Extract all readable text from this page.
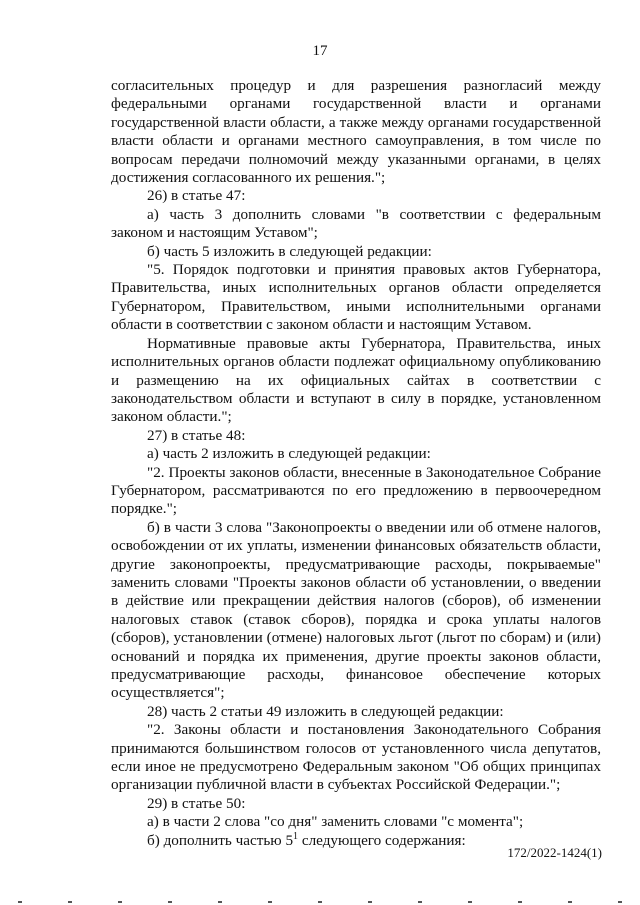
17

согласительных процедур и для разрешения разногласий между федеральными органами государственной власти и органами государственной власти области, а также между органами государственной власти области и органами местного самоуправления, в том числе по вопросам передачи полномочий между указанными органами, в целях достижения согласованного их решения.";

26) в статье 47:

а) часть 3 дополнить словами "в соответствии с федеральным законом и настоящим Уставом";

б) часть 5 изложить в следующей редакции:

"5. Порядок подготовки и принятия правовых актов Губернатора, Правительства, иных исполнительных органов области определяется Губернатором, Правительством, иными исполнительными органами области в соответствии с законом области и настоящим Уставом.

Нормативные правовые акты Губернатора, Правительства, иных исполнительных органов области подлежат официальному опубликованию и размещению на их официальных сайтах в соответствии с законодательством области и вступают в силу в порядке, установленном законом области.";

27) в статье 48:

а) часть 2 изложить в следующей редакции:

"2. Проекты законов области, внесенные в Законодательное Собрание Губернатором, рассматриваются по его предложению в первоочередном порядке.";

б) в части 3 слова "Законопроекты о введении или об отмене налогов, освобождении от их уплаты, изменении финансовых обязательств области, другие законопроекты, предусматривающие расходы, покрываемые" заменить словами "Проекты законов области об установлении, о введении в действие или прекращении действия налогов (сборов), об изменении налоговых ставок (ставок сборов), порядка и срока уплаты налогов (сборов), установлении (отмене) налоговых льгот (льгот по сборам) и (или) оснований и порядка их применения, другие проекты законов области, предусматривающие расходы, финансовое обеспечение которых осуществляется";

28) часть 2 статьи 49 изложить в следующей редакции:

"2. Законы области и постановления Законодательного Собрания принимаются большинством голосов от установленного числа депутатов, если иное не предусмотрено Федеральным законом "Об общих принципах организации публичной власти в субъектах Российской Федерации.";

29) в статье 50:

а) в части 2 слова "со дня" заменить словами "с момента";

б) дополнить частью $5^1$ следующего содержания:

172/2022-1424(1)
